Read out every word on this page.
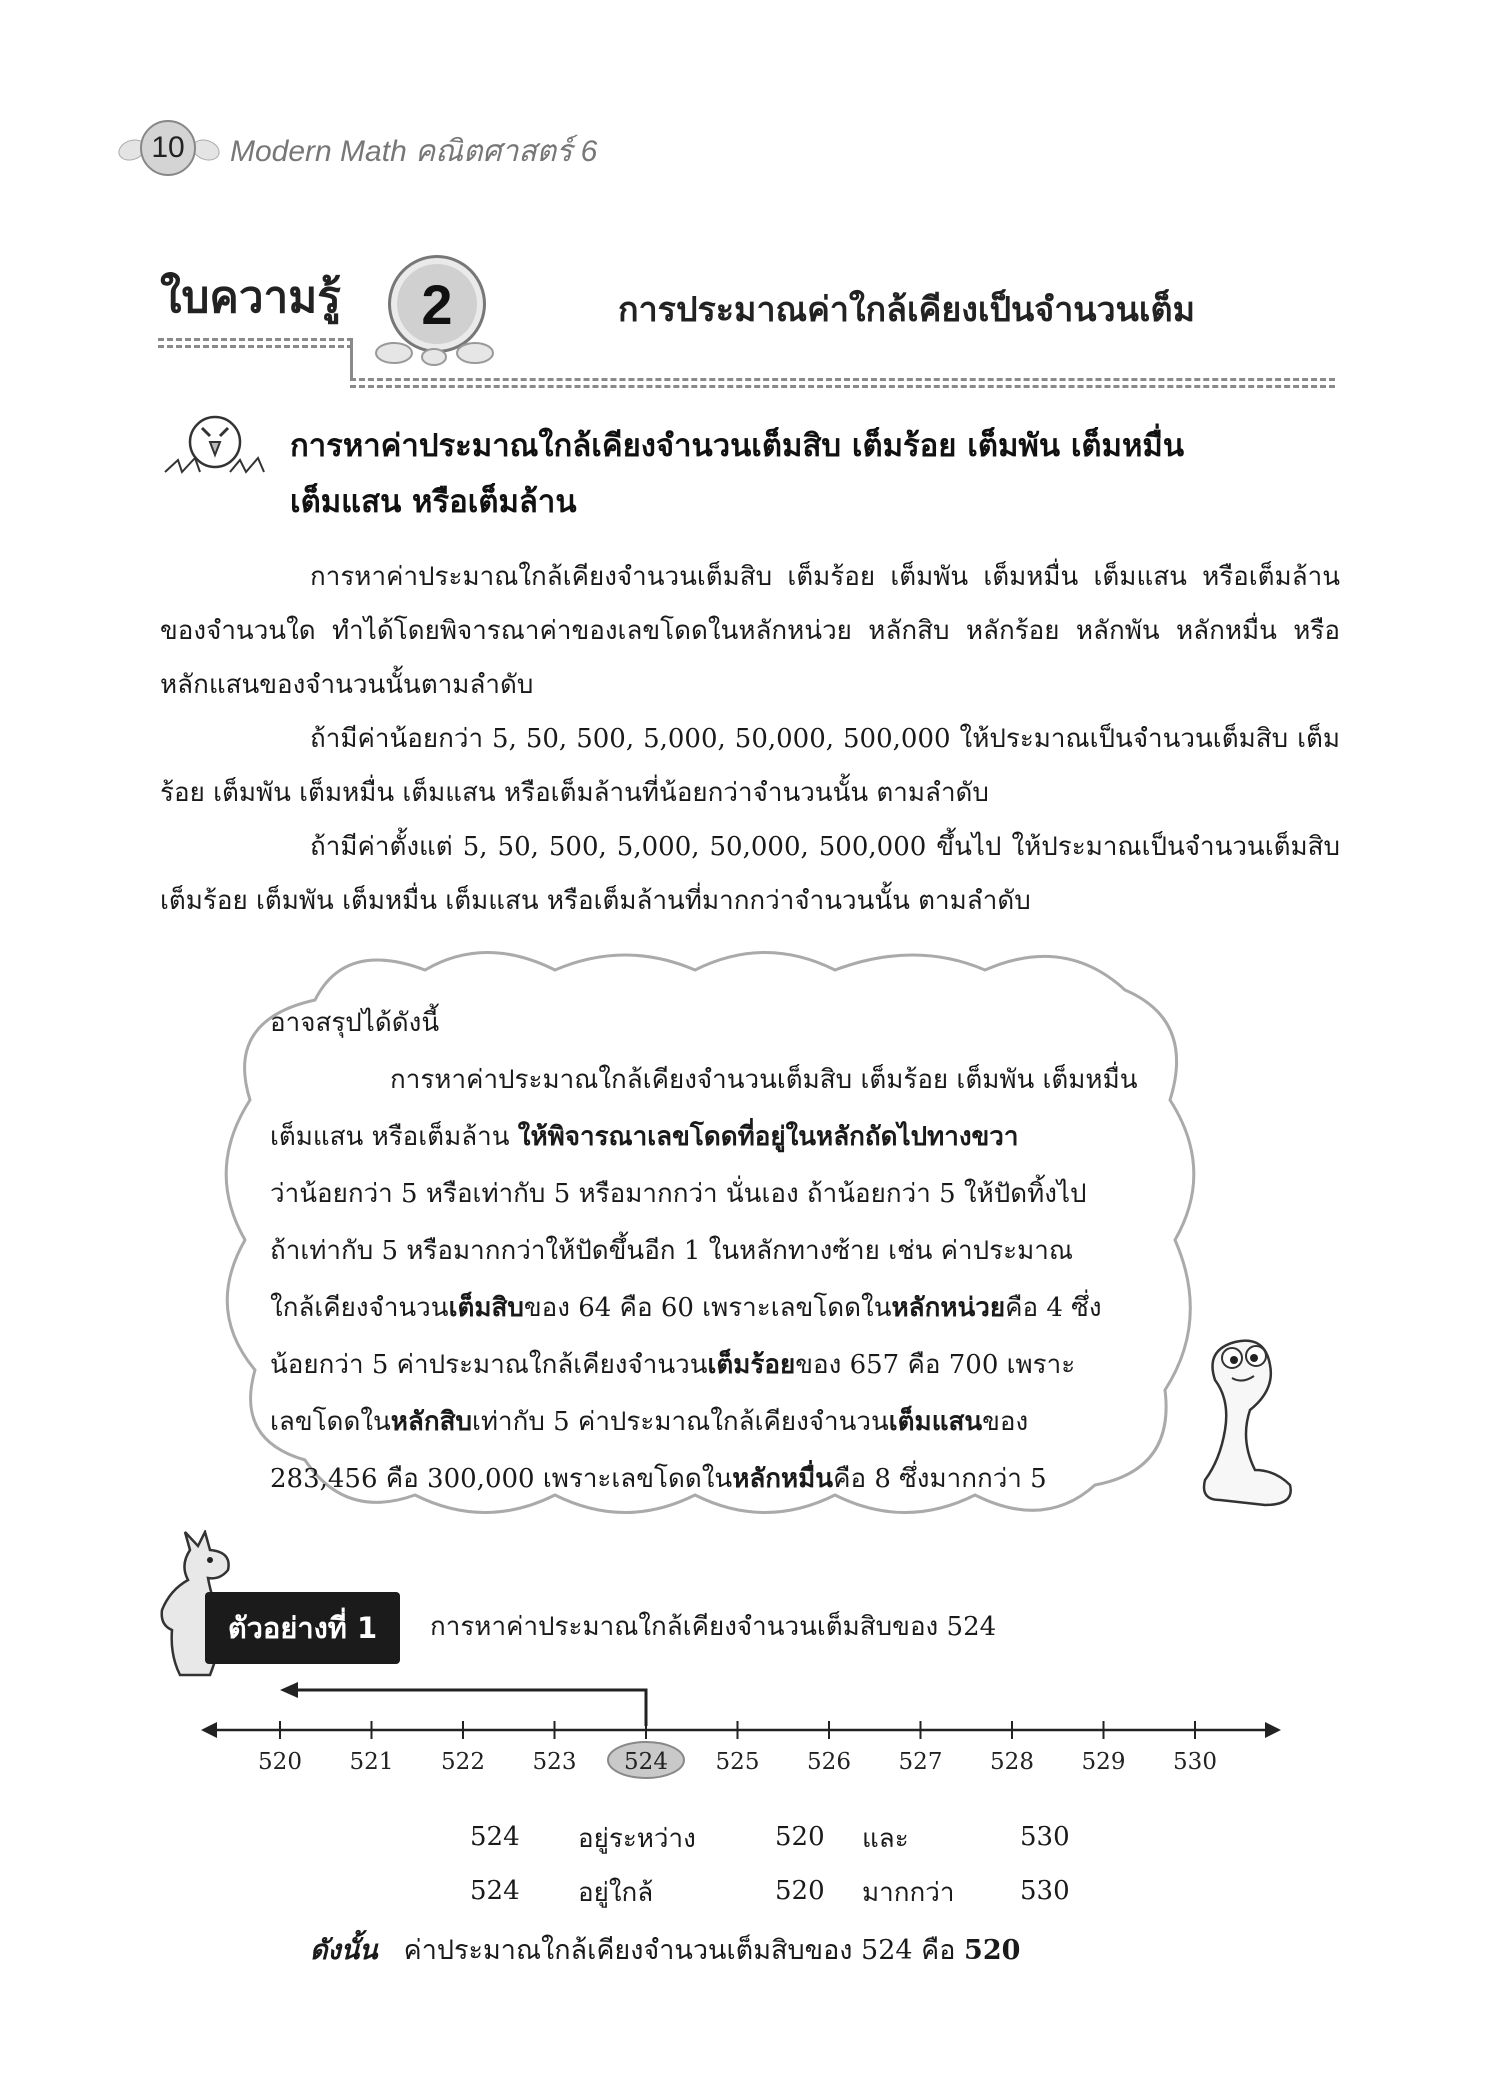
10	Modern Math คณิตศาสตร์ 6
ใบความรู้	2	การประมาณค่าใกล้เคียงเป็นจำนวนเต็ม
การหาค่าประมาณใกล้เคียงจำนวนเต็มสิบ เต็มร้อย เต็มพัน เต็มหมื่น
เต็มแสน หรือเต็มล้าน
การหาค่าประมาณใกล้เคียงจำนวนเต็มสิบ เต็มร้อย เต็มพัน เต็มหมื่น เต็มแสน หรือเต็มล้านของจำนวนใด ทำได้โดยพิจารณาค่าของเลขโดดในหลักหน่วย หลักสิบ หลักร้อย หลักพัน หลักหมื่น หรือหลักแสนของจำนวนนั้นตามลำดับ
ถ้ามีค่าน้อยกว่า 5, 50, 500, 5,000, 50,000, 500,000 ให้ประมาณเป็นจำนวนเต็มสิบ เต็มร้อย เต็มพัน เต็มหมื่น เต็มแสน หรือเต็มล้านที่น้อยกว่าจำนวนนั้น ตามลำดับ
ถ้ามีค่าตั้งแต่ 5, 50, 500, 5,000, 50,000, 500,000 ขึ้นไป ให้ประมาณเป็นจำนวนเต็มสิบ เต็มร้อย เต็มพัน เต็มหมื่น เต็มแสน หรือเต็มล้านที่มากกว่าจำนวนนั้น ตามลำดับ
อาจสรุปได้ดังนี้
การหาค่าประมาณใกล้เคียงจำนวนเต็มสิบ เต็มร้อย เต็มพัน เต็มหมื่น
เต็มแสน หรือเต็มล้าน ให้พิจารณาเลขโดดที่อยู่ในหลักถัดไปทางขวา
ว่าน้อยกว่า 5 หรือเท่ากับ 5 หรือมากกว่า นั่นเอง ถ้าน้อยกว่า 5 ให้ปัดทิ้งไป
ถ้าเท่ากับ 5 หรือมากกว่าให้ปัดขึ้นอีก 1 ในหลักทางซ้าย เช่น ค่าประมาณ
ใกล้เคียงจำนวนเต็มสิบของ 64 คือ 60 เพราะเลขโดดในหลักหน่วยคือ 4 ซึ่ง
น้อยกว่า 5 ค่าประมาณใกล้เคียงจำนวนเต็มร้อยของ 657 คือ 700 เพราะ
เลขโดดในหลักสิบเท่ากับ 5 ค่าประมาณใกล้เคียงจำนวนเต็มแสนของ
283,456 คือ 300,000 เพราะเลขโดดในหลักหมื่นคือ 8 ซึ่งมากกว่า 5
ตัวอย่างที่ 1	การหาค่าประมาณใกล้เคียงจำนวนเต็มสิบของ 524
520 521 522 523 524 525 526 527 528 529 530
524 อยู่ระหว่าง	520 และ	530
524 อยู่ใกล้	520 มากกว่า	530
ดังนั้น ค่าประมาณใกล้เคียงจำนวนเต็มสิบของ 524 คือ 520
